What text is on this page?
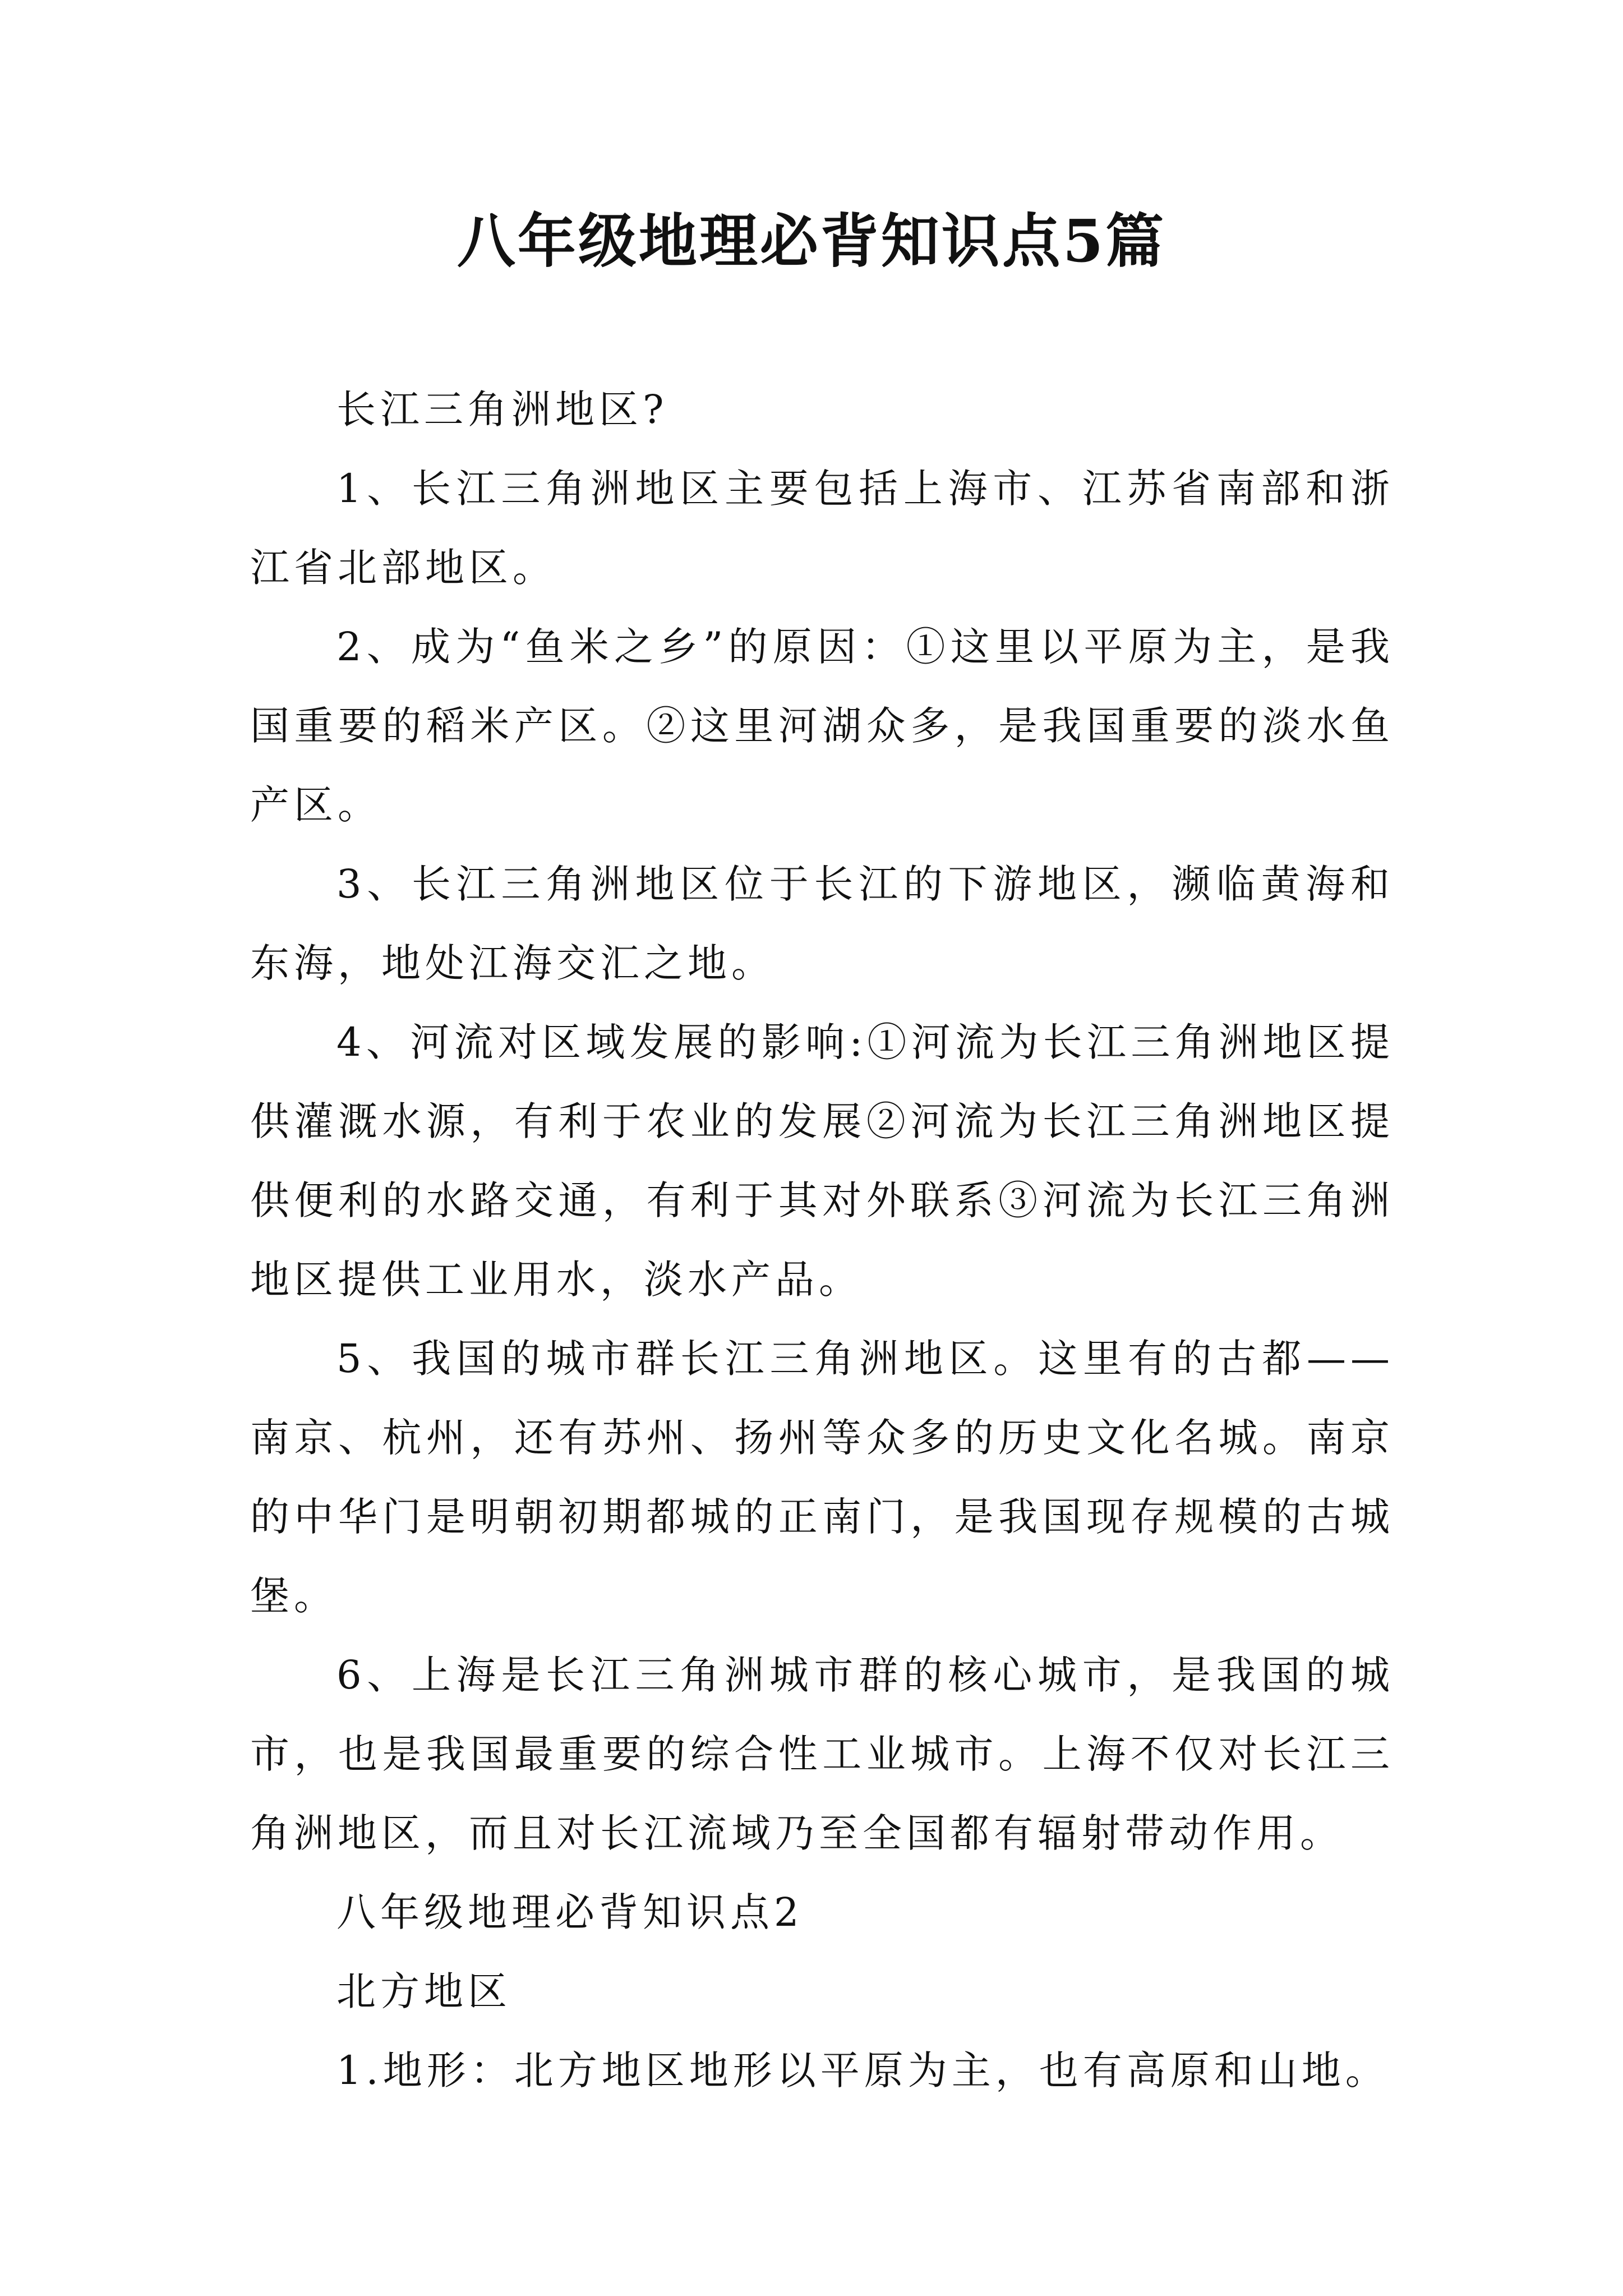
八年级地理必背知识点5篇

长江三角洲地区?

1、长江三角洲地区主要包括上海市、江苏省南部和浙江省北部地区。

2、成为“鱼米之乡”的原因：①这里以平原为主，是我国重要的稻米产区。②这里河湖众多，是我国重要的淡水鱼产区。

3、长江三角洲地区位于长江的下游地区，濒临黄海和东海，地处江海交汇之地。

4、河流对区域发展的影响:①河流为长江三角洲地区提供灌溉水源，有利于农业的发展②河流为长江三角洲地区提供便利的水路交通，有利于其对外联系③河流为长江三角洲地区提供工业用水，淡水产品。

5、我国的城市群长江三角洲地区。这里有的古都——南京、杭州，还有苏州、扬州等众多的历史文化名城。南京的中华门是明朝初期都城的正南门，是我国现存规模的古城堡。

6、上海是长江三角洲城市群的核心城市，是我国的城市，也是我国最重要的综合性工业城市。上海不仅对长江三角洲地区，而且对长江流域乃至全国都有辐射带动作用。

八年级地理必背知识点2

北方地区

1.地形：北方地区地形以平原为主，也有高原和山地。
